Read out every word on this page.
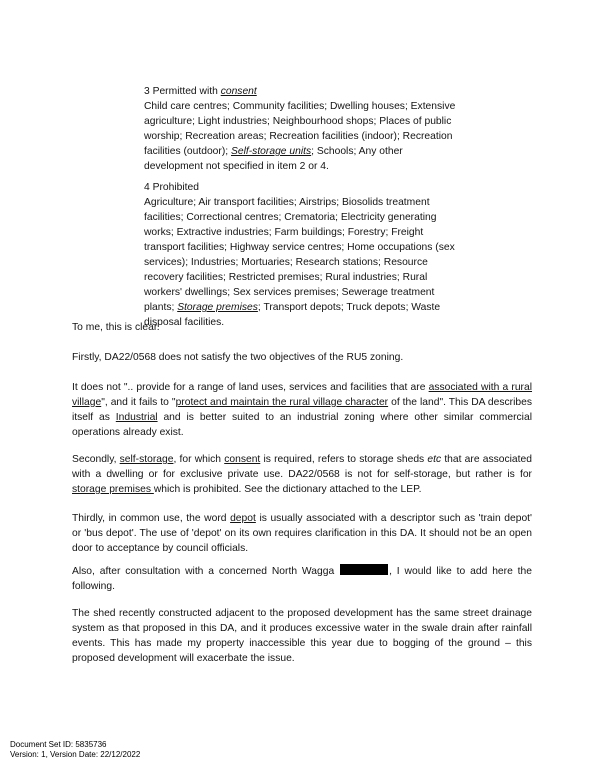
3 Permitted with consent
Child care centres; Community facilities; Dwelling houses; Extensive agriculture; Light industries; Neighbourhood shops; Places of public worship; Recreation areas; Recreation facilities (indoor); Recreation facilities (outdoor); Self-storage units; Schools; Any other development not specified in item 2 or 4.
4 Prohibited
Agriculture; Air transport facilities; Airstrips; Biosolids treatment facilities; Correctional centres; Crematoria; Electricity generating works; Extractive industries; Farm buildings; Forestry; Freight transport facilities; Highway service centres; Home occupations (sex services); Industries; Mortuaries; Research stations; Resource recovery facilities; Restricted premises; Rural industries; Rural workers' dwellings; Sex services premises; Sewerage treatment plants; Storage premises; Transport depots; Truck depots; Waste disposal facilities.

To me, this is clear.

Firstly, DA22/0568 does not satisfy the two objectives of the RU5 zoning.

It does not ".. provide for a range of land uses, services and facilities that are associated with a rural village", and it fails to "protect and maintain the rural village character of the land". This DA describes itself as Industrial and is better suited to an industrial zoning where other similar commercial operations already exist.

Secondly, self-storage, for which consent is required, refers to storage sheds etc that are associated with a dwelling or for exclusive private use. DA22/0568 is not for self-storage, but rather is for storage premises which is prohibited. See the dictionary attached to the LEP.

Thirdly, in common use, the word depot is usually associated with a descriptor such as 'train depot' or 'bus depot'. The use of 'depot' on its own requires clarification in this DA. It should not be an open door to acceptance by council officials.

Also, after consultation with a concerned North Wagga	, I would like to add here the following.

The shed recently constructed adjacent to the proposed development has the same street drainage system as that proposed in this DA, and it produces excessive water in the swale drain after rainfall events. This has made my property inaccessible this year due to bogging of the ground – this proposed development will exacerbate the issue.

Document Set ID: 5835736
Version: 1, Version Date: 22/12/2022
